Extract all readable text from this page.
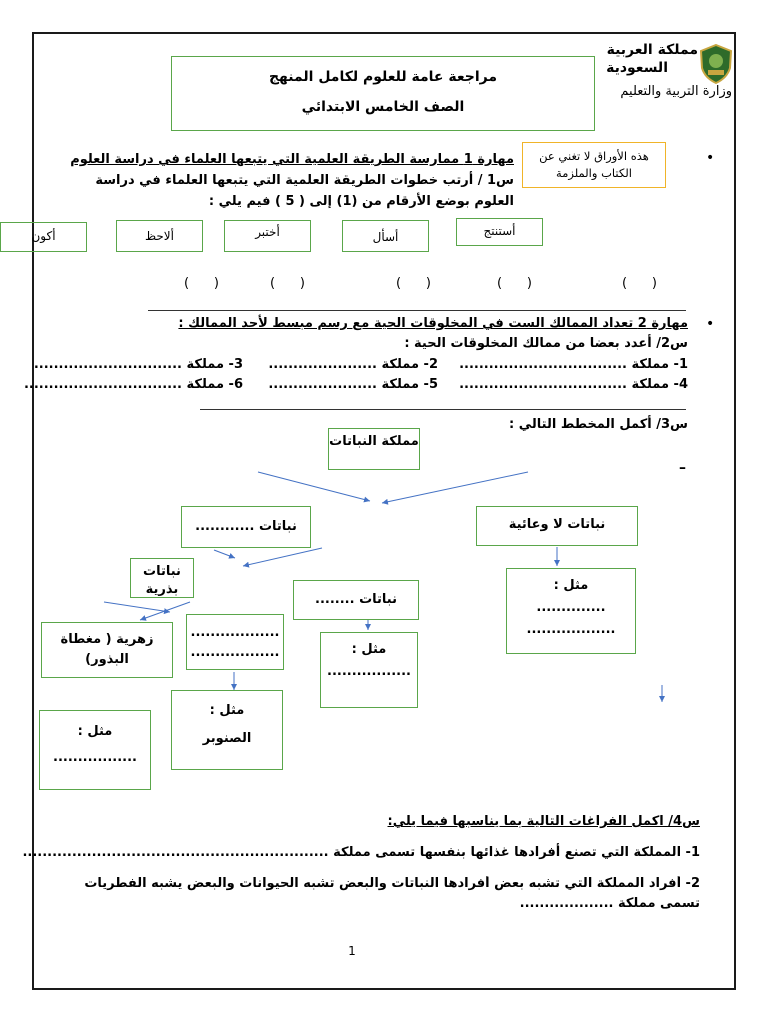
مملكة العربية
السعودية
وزارة التربية والتعليم
مراجعة عامة للعلوم لكامل المنهج
الصف الخامس الابتدائي
هذه الأوراق لا تغني عن الكتاب والملزمة
•
مهارة 1 ممارسة الطريقة العلمية التي يتبعها العلماء في دراسة العلوم
س1 / أرتب خطوات الطريقة العلمية التي يتبعها العلماء في دراسة
العلوم بوضع الأرقام من (1) إلى ( 5 ) فيم يلي :
أستنتج
أسأل
أختبر
ألاحظ
أكون
(      )
(      )
(      )
(      )
(      )
•
مهارة 2 تعداد الممالك الست في المخلوقات الحية مع رسم مبسط لأحد الممالك :
س2/ أعدد بعضا من ممالك المخلوقات الحية :
1- مملكة ..................................
2- مملكة ......................
3- مملكة ..............................
4- مملكة ..................................
5- مملكة ......................
6- مملكة ................................
س3/ أكمل المخطط التالي :
–
مملكة النباتات
نباتات لا وعائية
نباتات ............
نباتات بذرية
نباتات ........
مثل :
..............
..................
مثل :
.................
زهرية ( مغطاة البذور)
..................
..................
مثل :
الصنوبر
مثل :
.................
س4/ اكمل الفراغات التالية بما يناسبها فيما يلي:
1- المملكة التي تصنع أفرادها غذائها بنفسها تسمى مملكة ..............................................................
2- أفراد المملكة التي تشبه بعض أفرادها النباتات والبعض تشبه الحيوانات والبعض يشبه الفطريات
تسمى مملكة ...................
1
